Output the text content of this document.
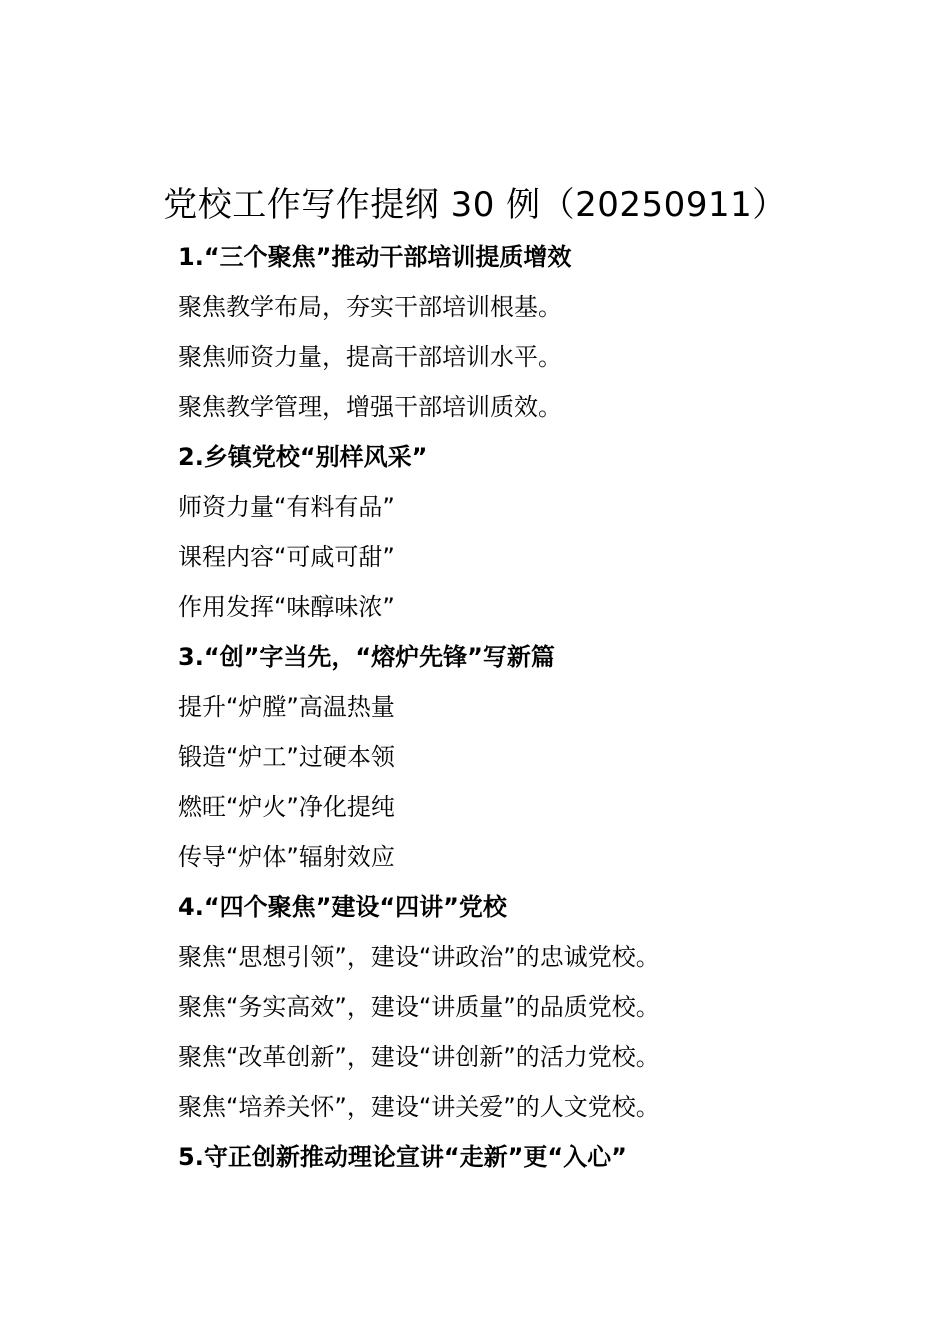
党校工作写作提纲 30 例（20250911）

1.“三个聚焦”推动干部培训提质增效

聚焦教学布局，夯实干部培训根基。

聚焦师资力量，提高干部培训水平。

聚焦教学管理，增强干部培训质效。

2.乡镇党校“别样风采”

师资力量“有料有品”

课程内容“可咸可甜”

作用发挥“味醇味浓”

3.“创”字当先，“熔炉先锋”写新篇

提升“炉膛”高温热量

锻造“炉工”过硬本领

燃旺“炉火”净化提纯

传导“炉体”辐射效应

4.“四个聚焦”建设“四讲”党校

聚焦“思想引领”，建设“讲政治”的忠诚党校。

聚焦“务实高效”，建设“讲质量”的品质党校。

聚焦“改革创新”，建设“讲创新”的活力党校。

聚焦“培养关怀”，建设“讲关爱”的人文党校。

5.守正创新推动理论宣讲“走新”更“入心”
